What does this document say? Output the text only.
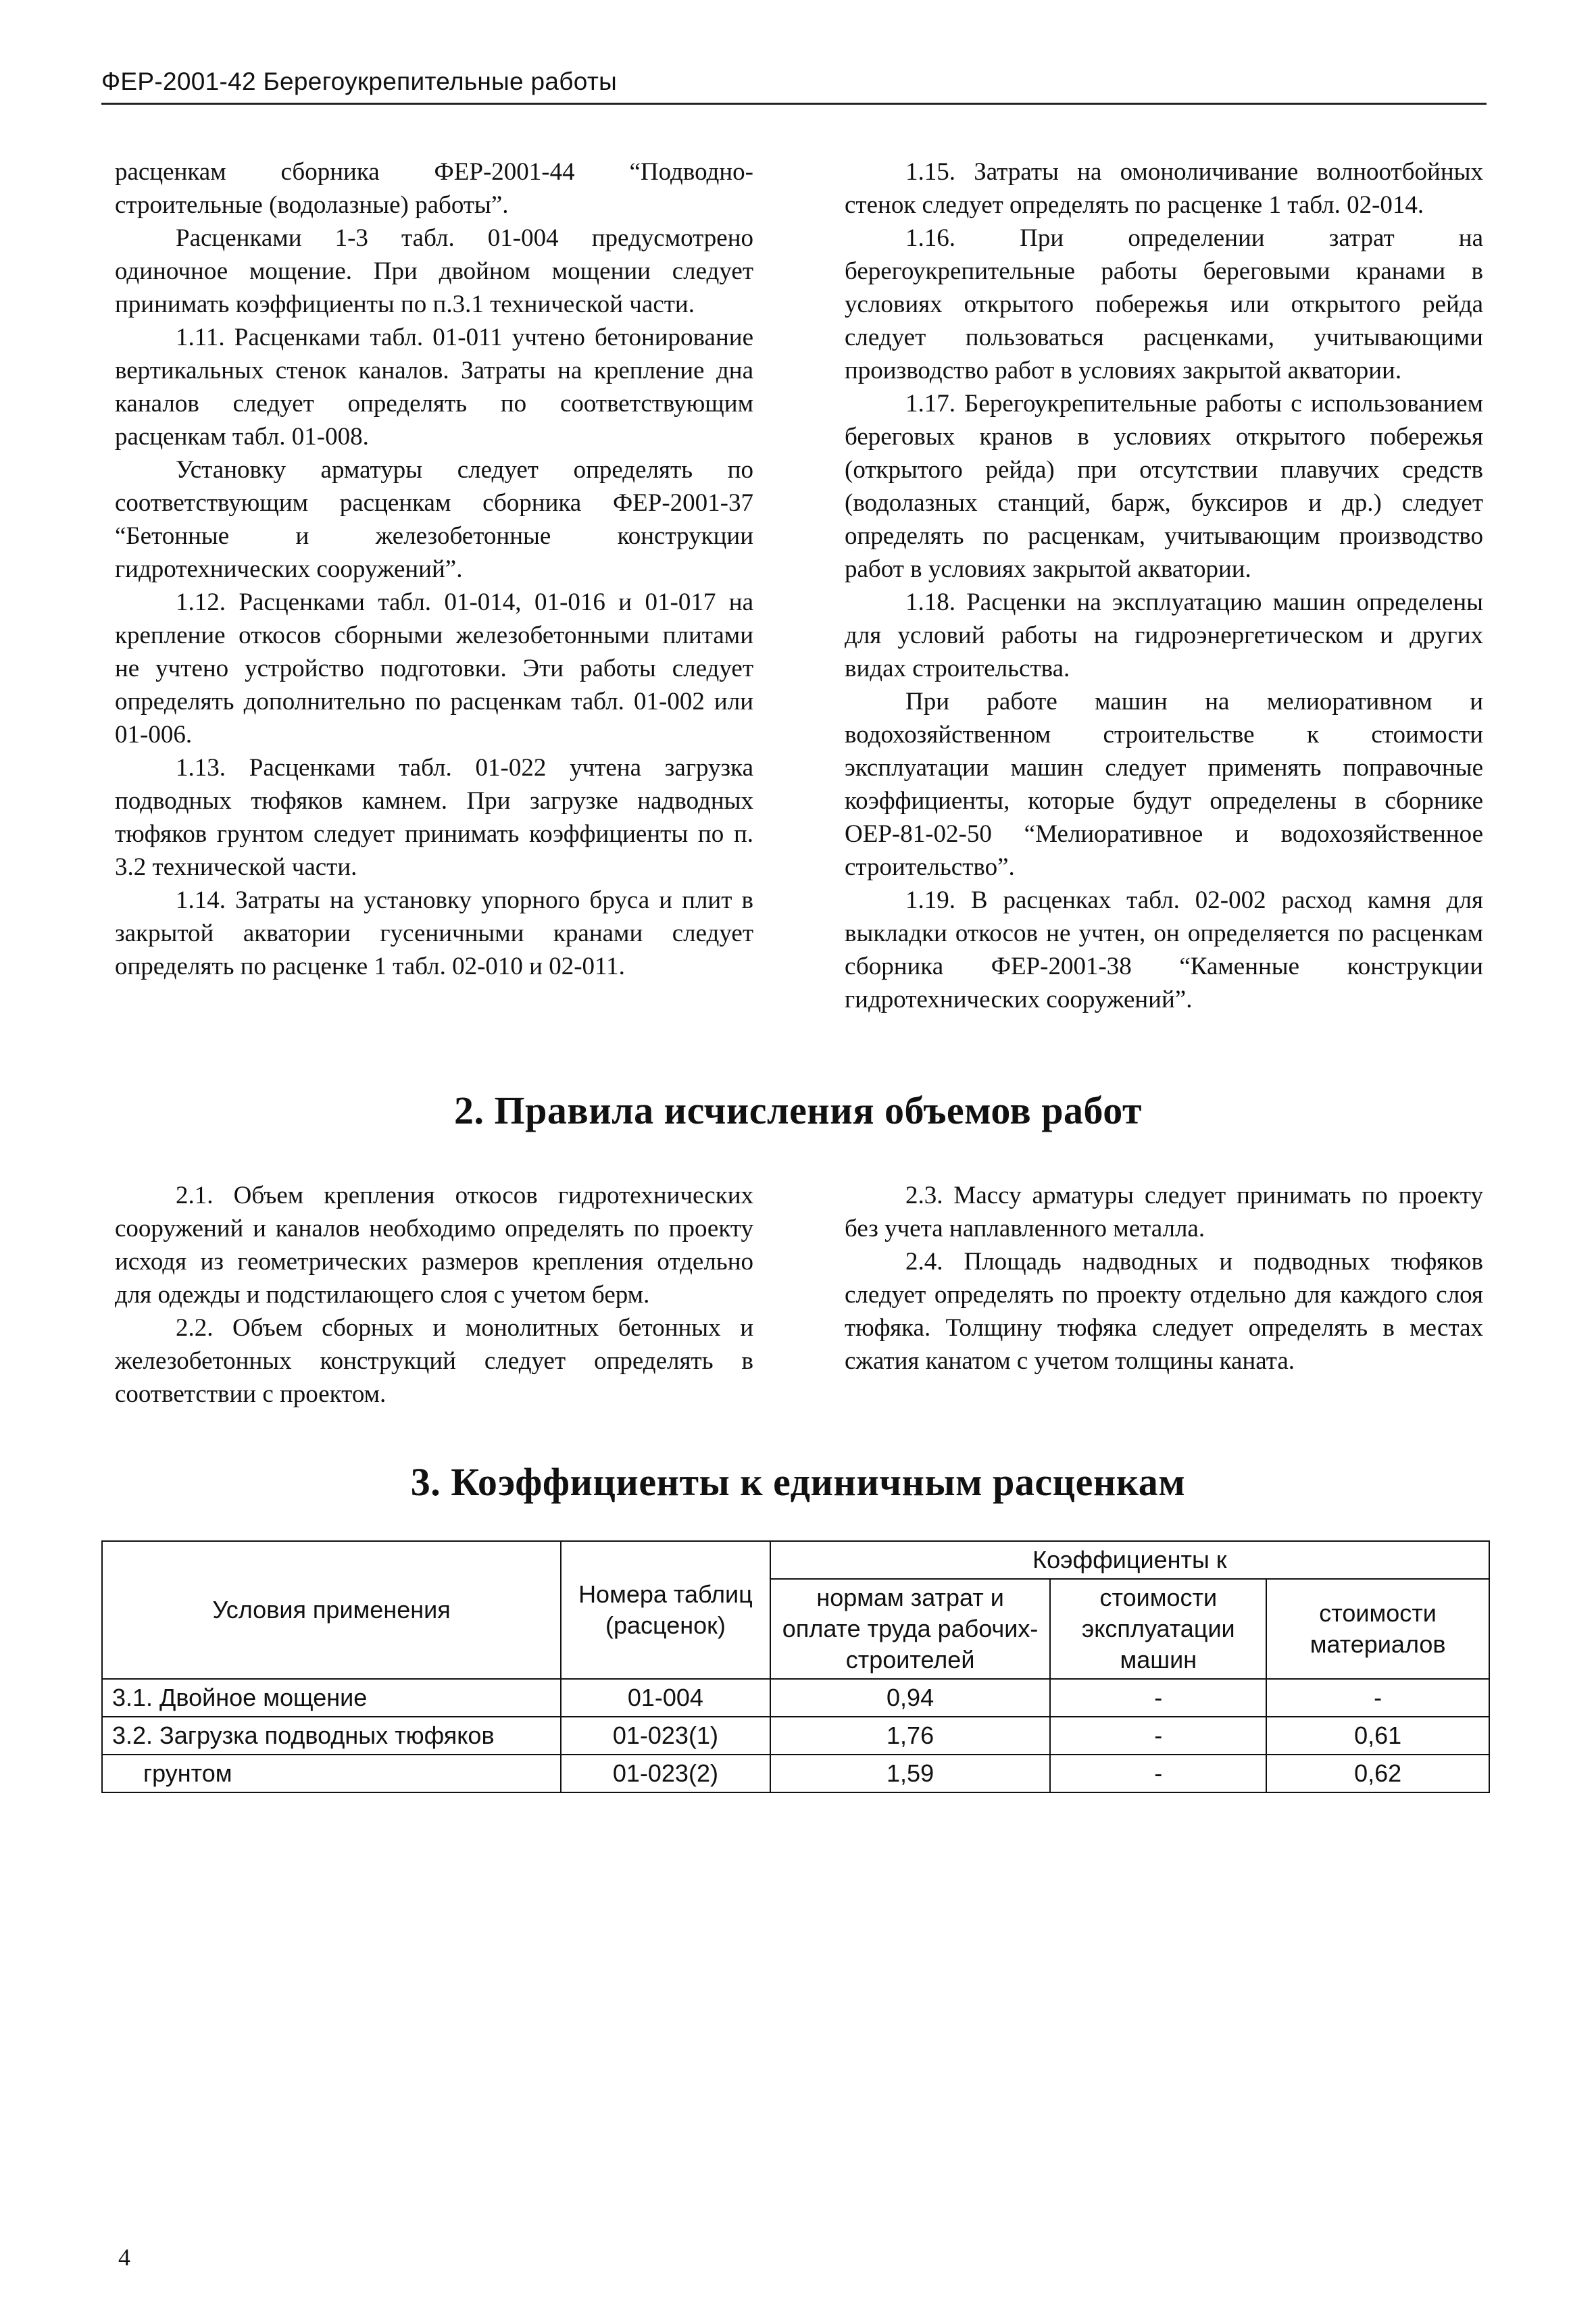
ФЕР-2001-42 Берегоукрепительные работы

расценкам сборника ФЕР-2001-44 “Подводно-строительные (водолазные) работы”.

Расценками 1-3 табл. 01-004 предусмотрено одиночное мощение. При двойном мощении следует принимать коэффициенты по п.3.1 технической части.

1.11. Расценками табл. 01-011 учтено бетонирование вертикальных стенок каналов. Затраты на крепление дна каналов следует определять по соответствующим расценкам табл. 01-008.

Установку арматуры следует определять по соответствующим расценкам сборника ФЕР-2001-37 “Бетонные и железобетонные конструкции гидротехнических сооружений”.

1.12. Расценками табл. 01-014, 01-016 и 01-017 на крепление откосов сборными железобетонными плитами не учтено устройство подготовки. Эти работы следует определять дополнительно по расценкам табл. 01-002 или 01-006.

1.13. Расценками табл. 01-022 учтена загрузка подводных тюфяков камнем. При загрузке надводных тюфяков грунтом следует принимать коэффициенты по п. 3.2 технической части.

1.14. Затраты на установку упорного бруса и плит в закрытой акватории гусеничными кранами следует определять по расценке 1 табл. 02-010 и 02-011.

1.15. Затраты на омоноличивание волноотбойных стенок следует определять по расценке 1 табл. 02-014.

1.16. При определении затрат на берегоукрепительные работы береговыми кранами в условиях открытого побережья или открытого рейда следует пользоваться расценками, учитывающими производство работ в условиях закрытой акватории.

1.17. Берегоукрепительные работы с использованием береговых кранов в условиях открытого побережья (открытого рейда) при отсутствии плавучих средств (водолазных станций, барж, буксиров и др.) следует определять по расценкам, учитывающим производство работ в условиях закрытой акватории.

1.18. Расценки на эксплуатацию машин определены для условий работы на гидроэнергетическом и других видах строительства.

При работе машин на мелиоративном и водохозяйственном строительстве к стоимости эксплуатации машин следует применять поправочные коэффициенты, которые будут определены в сборнике ОЕР-81-02-50 “Мелиоративное и водохозяйственное строительство”.

1.19. В расценках табл. 02-002 расход камня для выкладки откосов не учтен, он определяется по расценкам сборника ФЕР-2001-38 “Каменные конструкции гидротехнических сооружений”.

2. Правила исчисления объемов работ

2.1. Объем крепления откосов гидротехнических сооружений и каналов необходимо определять по проекту исходя из геометрических размеров крепления отдельно для одежды и подстилающего слоя с учетом берм.

2.2. Объем сборных и монолитных бетонных и железобетонных конструкций следует определять в соответствии с проектом.

2.3. Массу арматуры следует принимать по проекту без учета наплавленного металла.

2.4. Площадь надводных и подводных тюфяков следует определять по проекту отдельно для каждого слоя тюфяка. Толщину тюфяка следует определять в местах сжатия канатом с учетом толщины каната.

3. Коэффициенты к единичным расценкам
Условия применения	Номера таблиц (расценок)	Коэффициенты к		
		нормам затрат и оплате труда рабочих-строителей	стоимости эксплуатации машин	стоимости материалов
3.1. Двойное мощение	01-004	0,94	-	-
3.2. Загрузка подводных тюфяков	01-023(1)	1,76	-	0,61
грунтом	01-023(2)	1,59	-	0,62
4
